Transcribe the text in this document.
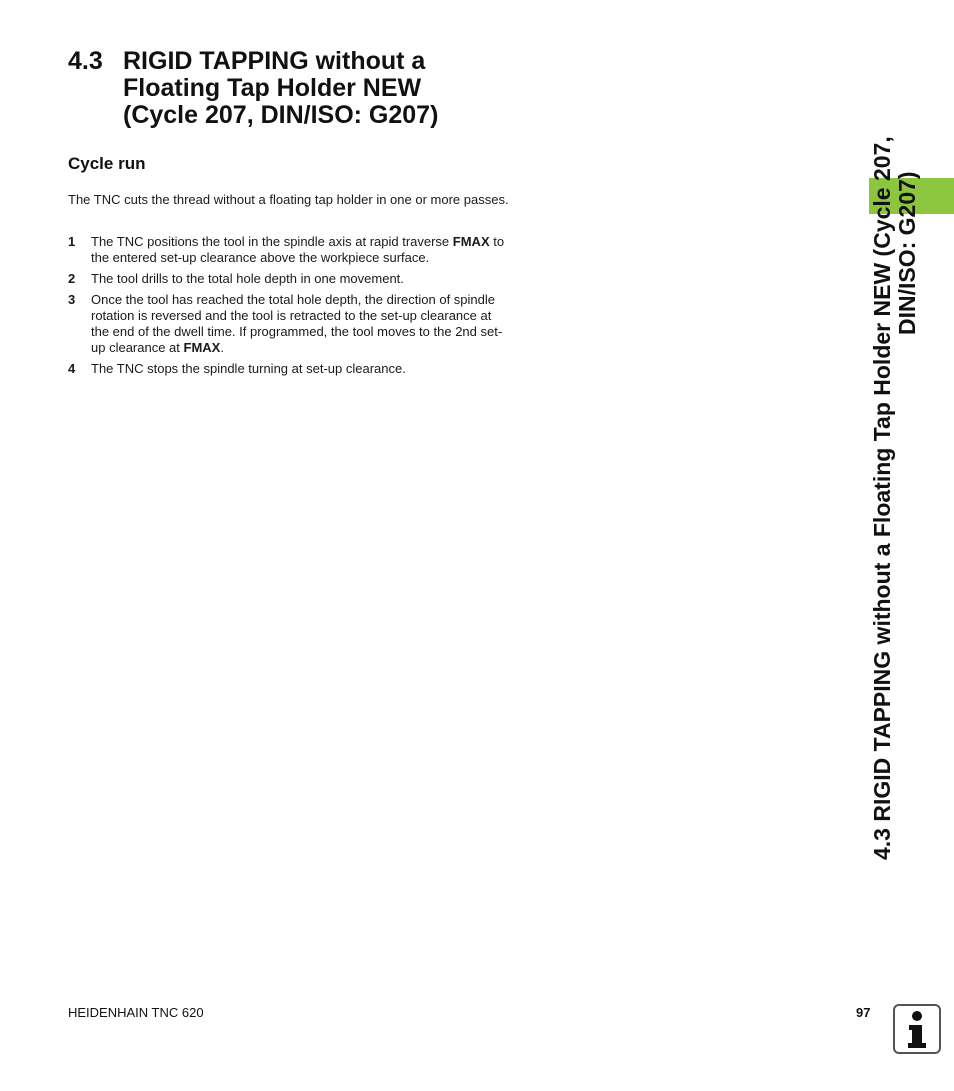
4.3 RIGID TAPPING without a
Floating Tap Holder NEW
(Cycle 207, DIN/ISO: G207)
Cycle run

The TNC cuts the thread without a floating tap holder in one or more passes.

1 The TNC positions the tool in the spindle axis at rapid traverse FMAX to the entered set-up clearance above the workpiece surface.
2 The tool drills to the total hole depth in one movement.
3 Once the tool has reached the total hole depth, the direction of spindle rotation is reversed and the tool is retracted to the set-up clearance at the end of the dwell time. If programmed, the tool moves to the 2nd set-up clearance at FMAX.
4 The TNC stops the spindle turning at set-up clearance.	4.3 RIGID TAPPING without a Floating Tap Holder NEW (Cycle 207, DIN/ISO: G207)
HEIDENHAIN TNC 620	97
